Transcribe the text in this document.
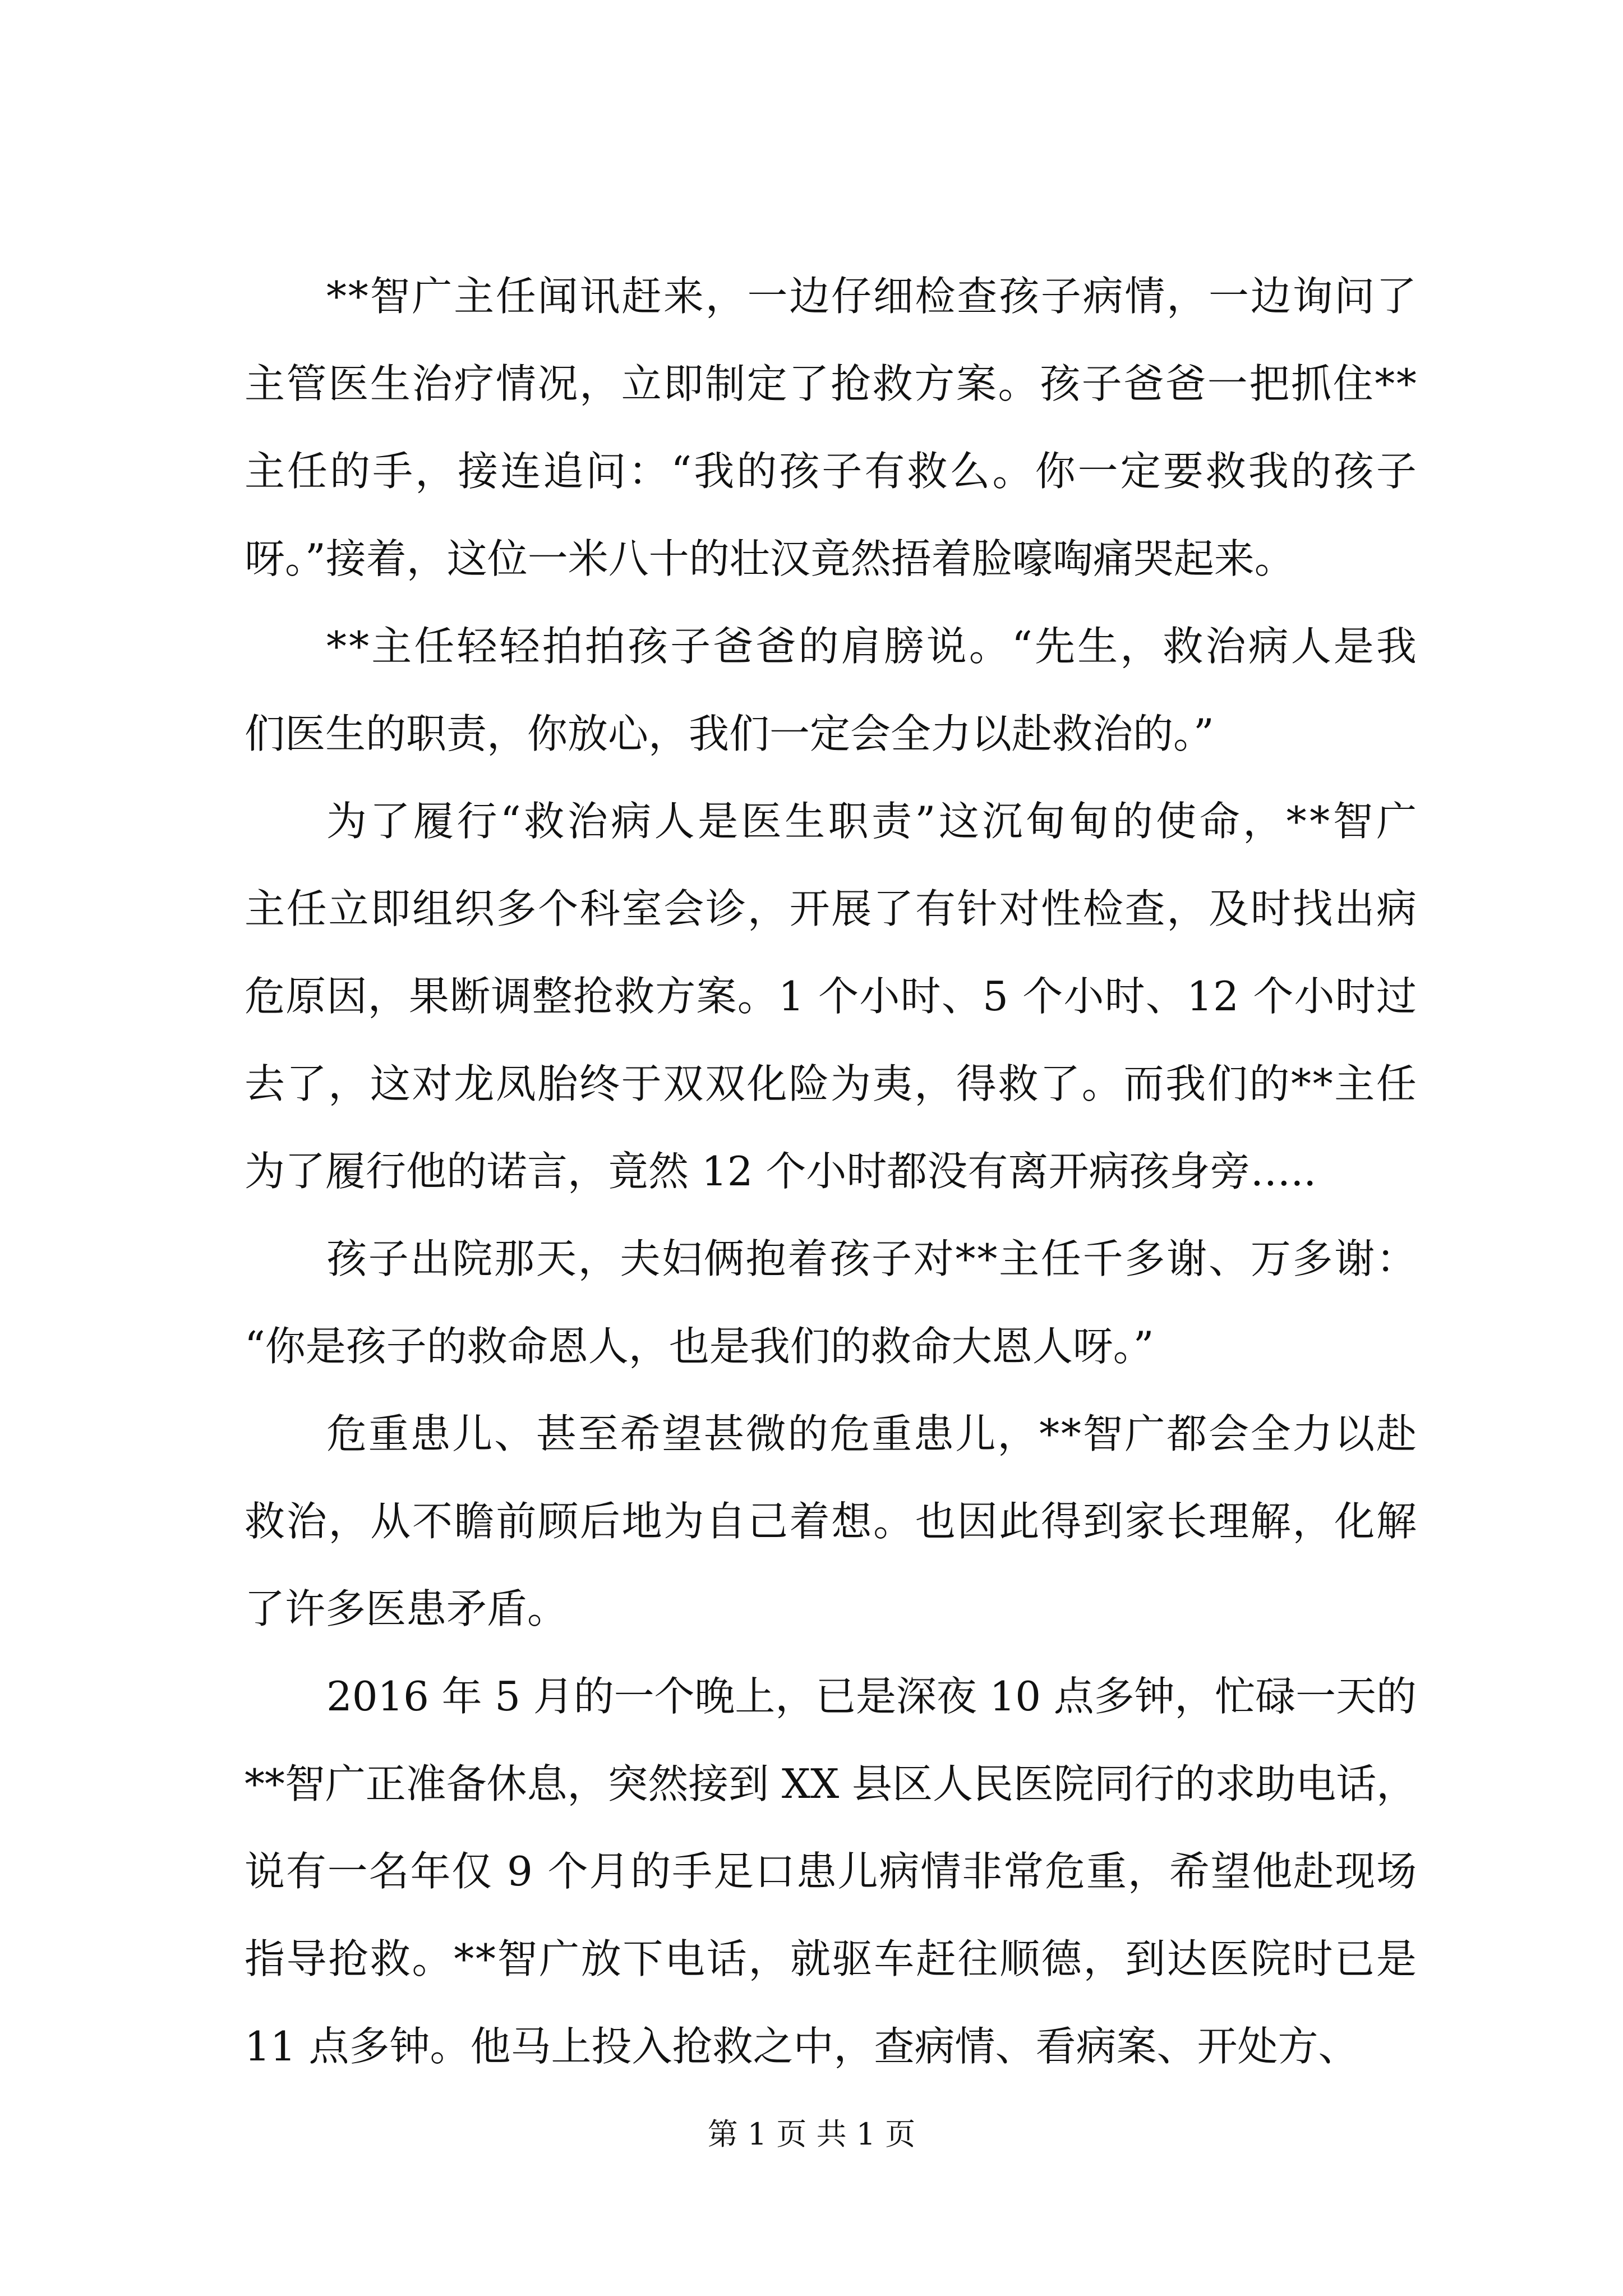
**智广主任闻讯赶来，一边仔细检查孩子病情，一边询问了
主管医生治疗情况，立即制定了抢救方案。孩子爸爸一把抓住**
主任的手，接连追问：“我的孩子有救么。你一定要救我的孩子
呀。”接着，这位一米八十的壮汉竟然捂着脸嚎啕痛哭起来。
**主任轻轻拍拍孩子爸爸的肩膀说。“先生，救治病人是我
们医生的职责，你放心，我们一定会全力以赴救治的。”
为了履行“救治病人是医生职责”这沉甸甸的使命，**智广
主任立即组织多个科室会诊，开展了有针对性检查，及时找出病
危原因，果断调整抢救方案。1 个小时、5 个小时、12 个小时过
去了，这对龙凤胎终于双双化险为夷，得救了。而我们的**主任
为了履行他的诺言，竟然 12 个小时都没有离开病孩身旁…..
孩子出院那天，夫妇俩抱着孩子对**主任千多谢、万多谢：
“你是孩子的救命恩人，也是我们的救命大恩人呀。”
危重患儿、甚至希望甚微的危重患儿，**智广都会全力以赴
救治，从不瞻前顾后地为自己着想。也因此得到家长理解，化解
了许多医患矛盾。
2016 年 5 月的一个晚上，已是深夜 10 点多钟，忙碌一天的
**智广正准备休息，突然接到 XX 县区人民医院同行的求助电话，
说有一名年仅 9 个月的手足口患儿病情非常危重，希望他赴现场
指导抢救。**智广放下电话，就驱车赶往顺德，到达医院时已是
11 点多钟。他马上投入抢救之中，查病情、看病案、开处方、
第 1 页 共 1 页
